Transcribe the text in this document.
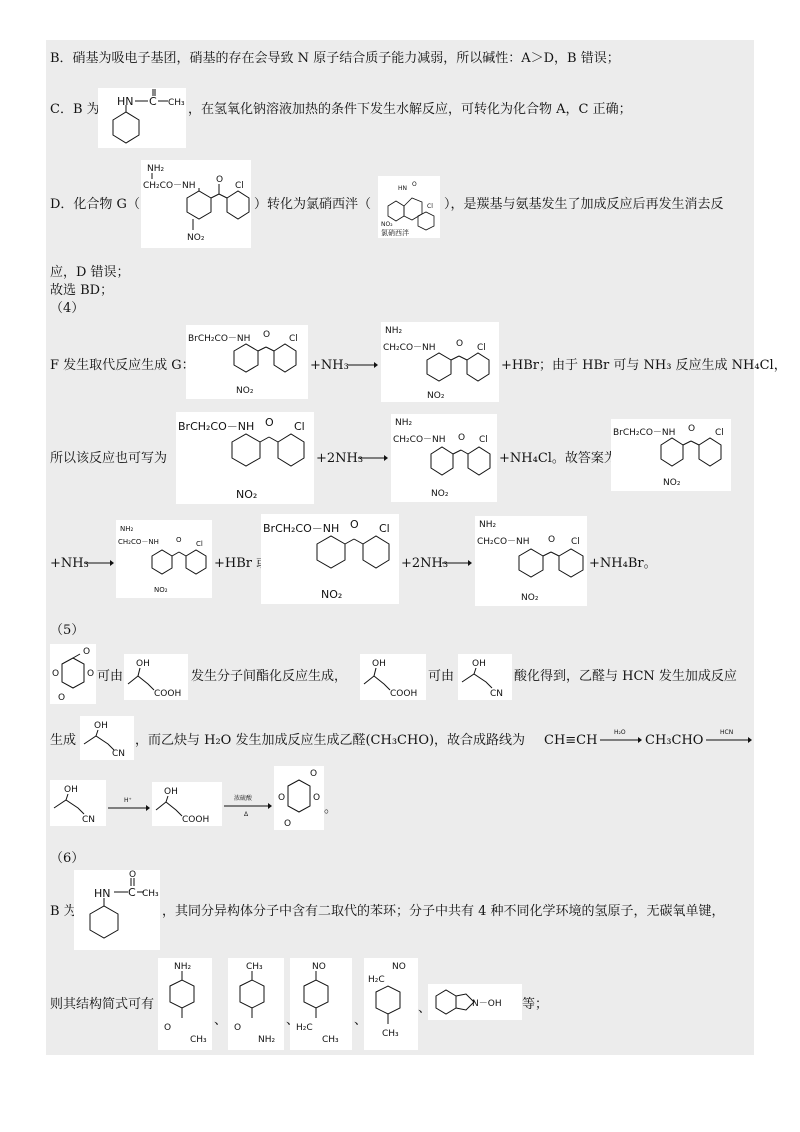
B．硝基为吸电子基团，硝基的存在会导致 N 原子结合质子能力减弱，所以碱性：A＞D，B 错误；
C．B 为
HN C CH₃ ，在氢氧化钠溶液加热的条件下发生水解反应，可转化为化合物 A，C 正确；
D．化合物 G（
NH₂
CH₂CO－NH
O
Cl
NO₂
）转化为氯硝西泮（
HN
O
NO₂
Cl
氯硝西泮
），是羰基与氨基发生了加成反应后再发生消去反
应，D 错误；
故选 BD；
（4）
F 发生取代反应生成 G：
BrCH₂CO－NH O Cl
NO₂
+NH₃ →
NH₂
CH₂CO－NH O Cl
NO₂
+HBr；由于 HBr 可与 NH₃ 反应生成 NH₄Cl，
所以该反应也可写为
BrCH₂CO－NH O Cl
NO₂
+2NH₃
NH₂
CH₂CO－NH O Cl
NO₂
+NH₄Cl。故答案为
BrCH₂CO－NH O Cl
NO₂
+NH₃
NH₂
CH₂CO－NH O Cl
NO₂
+HBr 或
BrCH₂CO－NH O Cl
NO₂
+2NH₃
NH₂
CH₂CO－NH O Cl
NO₂
+NH₄Br。
（5）
O	O
O
O
可由
OH
COOH
发生分子间酯化反应生成，
OH
COOH
可由
OH
CN
酸化得到，乙醛与 HCN 发生加成反应
生成
OH
CN
，而乙炔与 H₂O 发生加成反应生成乙醛(CH₃CHO)，故合成路线为 CH≡CH
H₂O
CH₃CHO
HCN
OH
CN
H⁺
OH
COOH
浓硫酸
Δ
O	O
O
O
。
（6）
B 为
HN C
O
CH₃
，其同分异构体分子中含有二取代的苯环；分子中共有 4 种不同化学环境的氢原子，无碳氧单键，
则其结构简式可有
NH₂
O
CH₃
、
CH₃
O
NH₂
、
NO
H₂C
CH₃
、
NO
H₂C
CH₃
、	N－OH 等；
